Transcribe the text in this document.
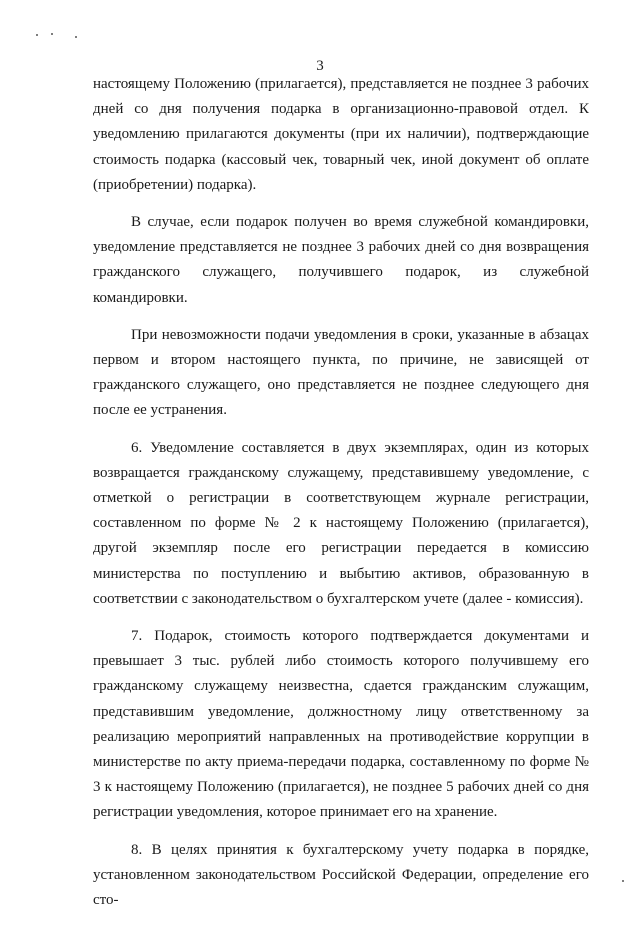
3

настоящему Положению (прилагается), представляется не позднее 3 рабочих дней со дня получения подарка в организационно-правовой отдел. К уведомлению прилагаются документы (при их наличии), подтверждающие стоимость подарка (кассовый чек, товарный чек, иной документ об оплате (приобретении) подарка).

В случае, если подарок получен во время служебной командировки, уведомление представляется не позднее 3 рабочих дней со дня возвращения гражданского служащего, получившего подарок, из служебной командировки.

При невозможности подачи уведомления в сроки, указанные в абзацах первом и втором настоящего пункта, по причине, не зависящей от гражданского служащего, оно представляется не позднее следующего дня после ее устранения.

6. Уведомление составляется в двух экземплярах, один из которых возвращается гражданскому служащему, представившему уведомление, с отметкой о регистрации в соответствующем журнале регистрации, составленном по форме № 2 к настоящему Положению (прилагается), другой экземпляр после его регистрации передается в комиссию министерства по поступлению и выбытию активов, образованную в соответствии с законодательством о бухгалтерском учете (далее - комиссия).

7. Подарок, стоимость которого подтверждается документами и превышает 3 тыс. рублей либо стоимость которого получившему его гражданскому служащему неизвестна, сдается гражданским служащим, представившим уведомление, должностному лицу ответственному за реализацию мероприятий направленных на противодействие коррупции в министерстве по акту приема-передачи подарка, составленному по форме № 3 к настоящему Положению (прилагается), не позднее 5 рабочих дней со дня регистрации уведомления, которое принимает его на хранение.

8. В целях принятия к бухгалтерскому учету подарка в порядке, установленном законодательством Российской Федерации, определение его сто-
